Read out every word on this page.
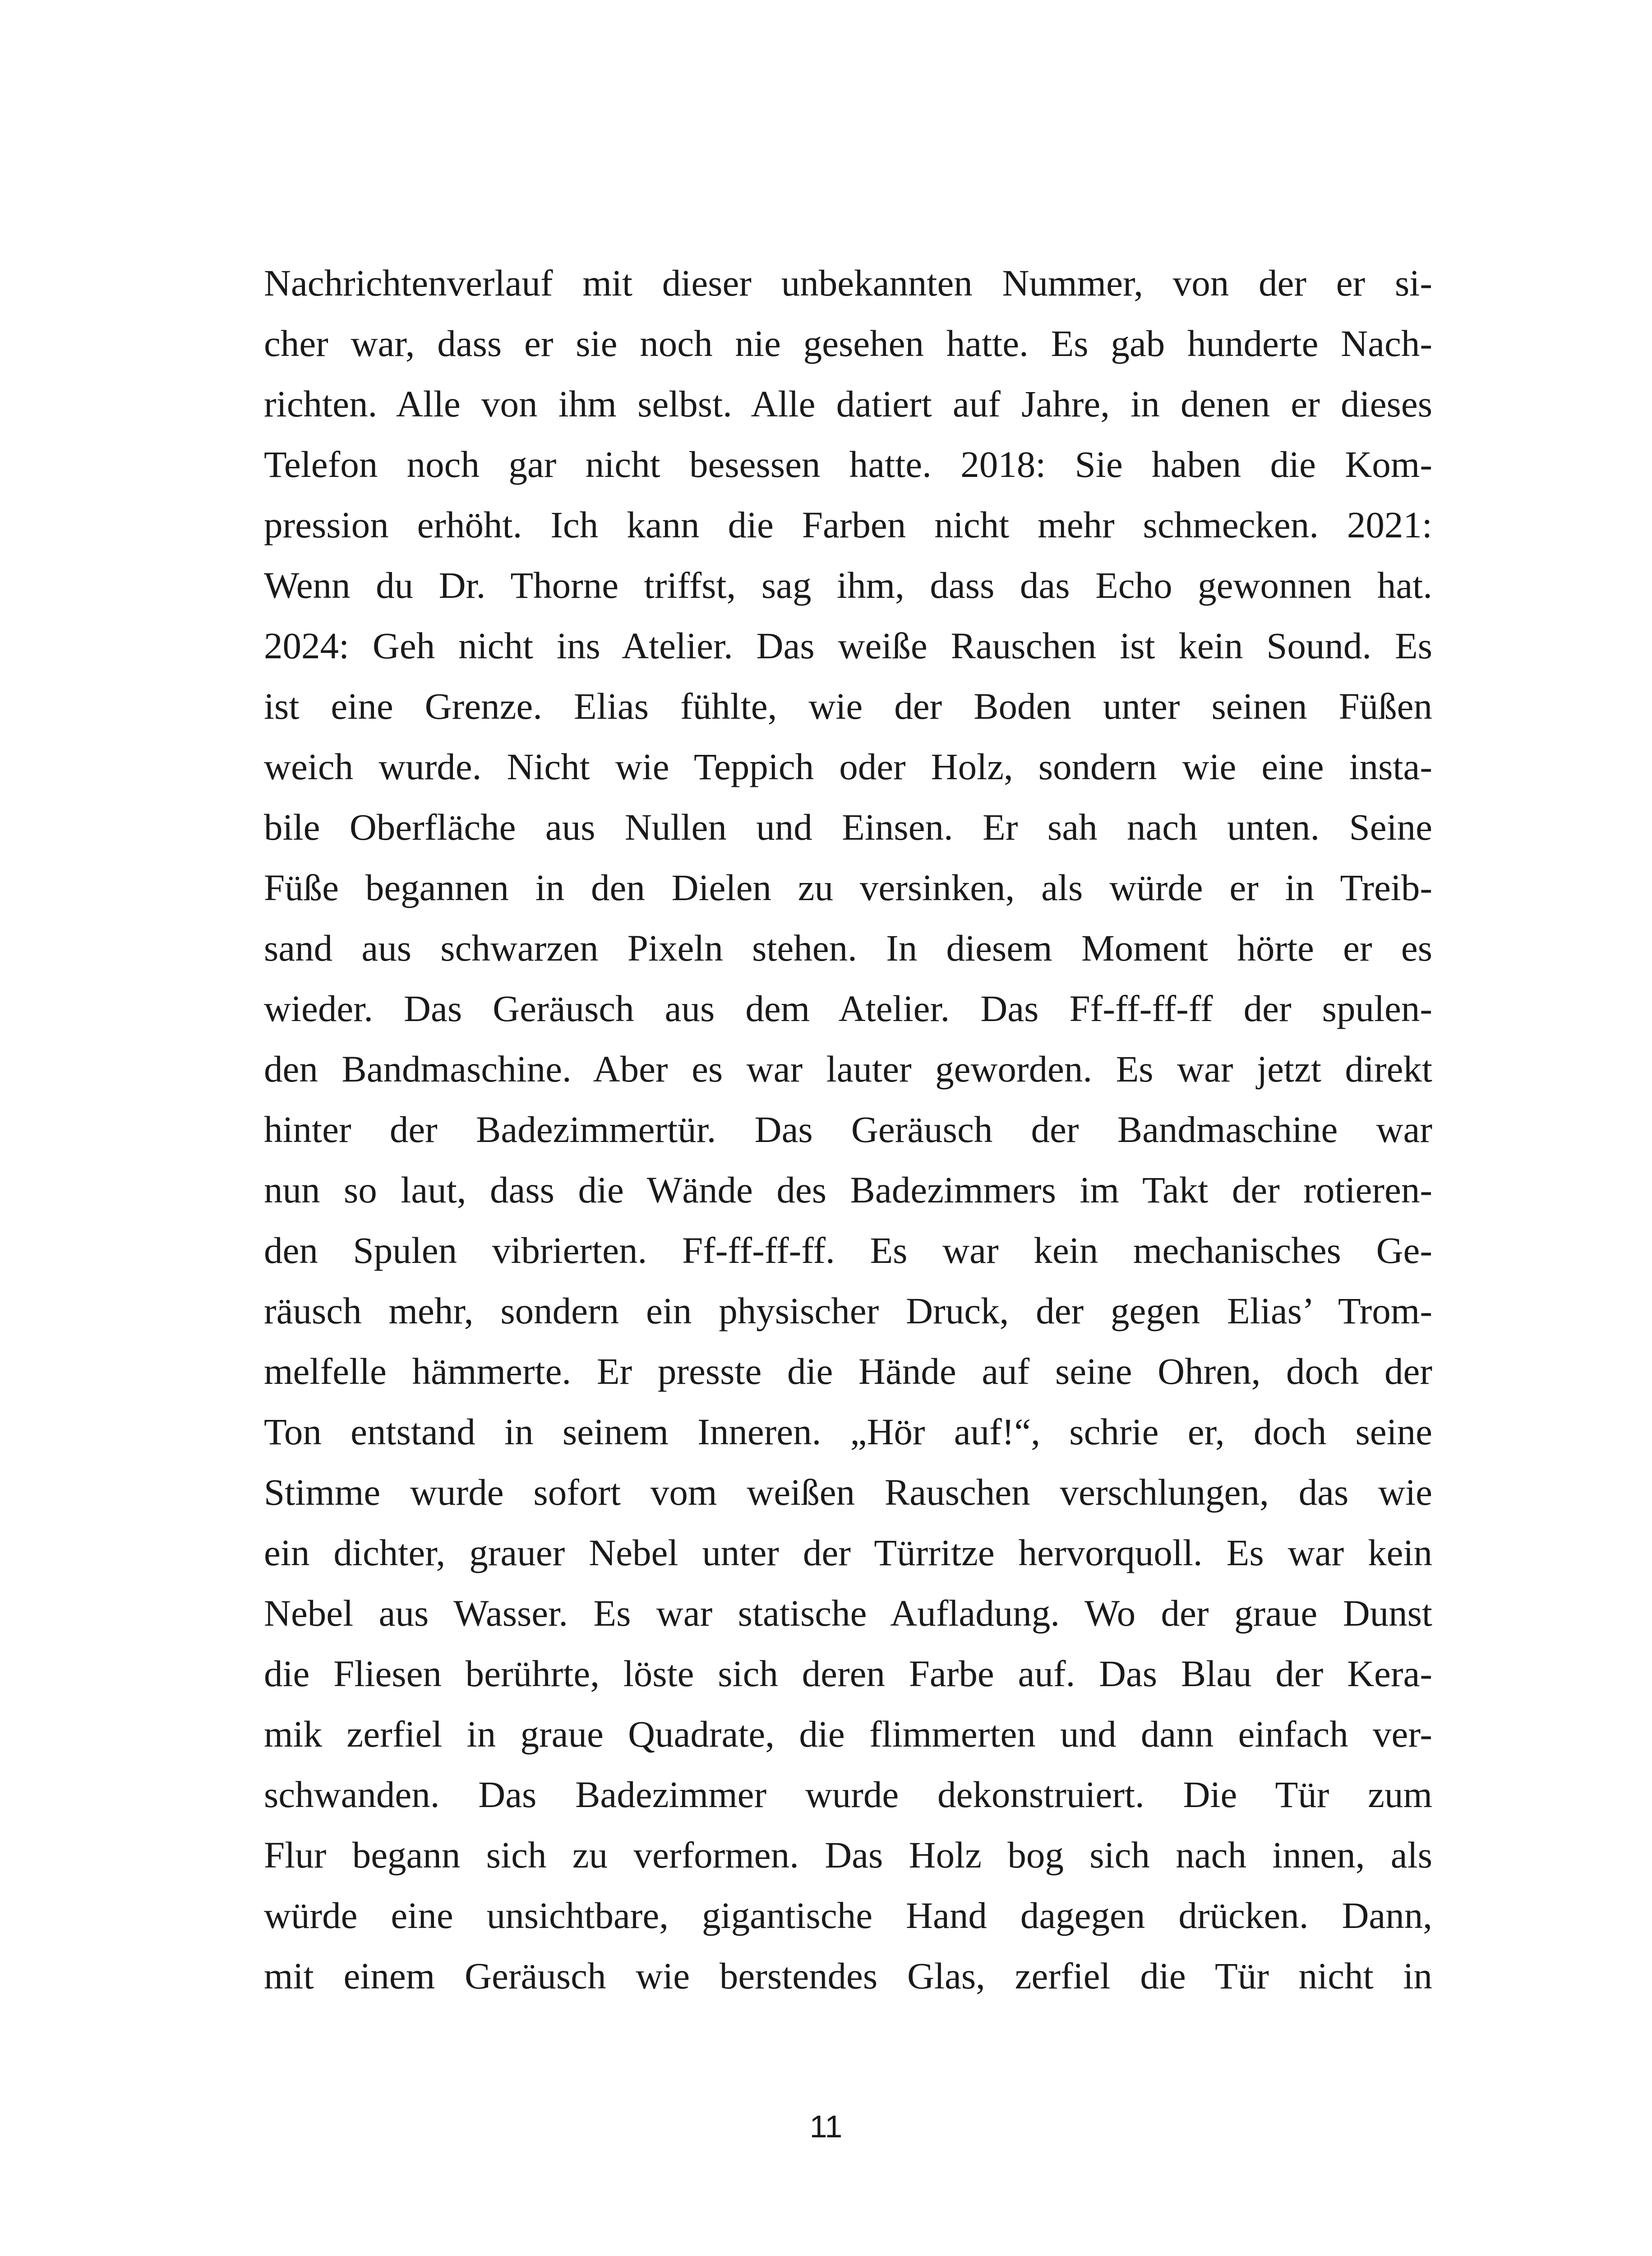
Nachrichtenverlauf mit dieser unbekannten Nummer, von der er si-
cher war, dass er sie noch nie gesehen hatte. Es gab hunderte Nach-
richten. Alle von ihm selbst. Alle datiert auf Jahre, in denen er dieses
Telefon noch gar nicht besessen hatte. 2018: Sie haben die Kom-
pression erhöht. Ich kann die Farben nicht mehr schmecken. 2021:
Wenn du Dr. Thorne triffst, sag ihm, dass das Echo gewonnen hat.
2024: Geh nicht ins Atelier. Das weiße Rauschen ist kein Sound. Es
ist eine Grenze. Elias fühlte, wie der Boden unter seinen Füßen
weich wurde. Nicht wie Teppich oder Holz, sondern wie eine insta-
bile Oberfläche aus Nullen und Einsen. Er sah nach unten. Seine
Füße begannen in den Dielen zu versinken, als würde er in Treib-
sand aus schwarzen Pixeln stehen. In diesem Moment hörte er es
wieder. Das Geräusch aus dem Atelier. Das Ff-ff-ff-ff der spulen-
den Bandmaschine. Aber es war lauter geworden. Es war jetzt direkt
hinter der Badezimmertür. Das Geräusch der Bandmaschine war
nun so laut, dass die Wände des Badezimmers im Takt der rotieren-
den Spulen vibrierten. Ff-ff-ff-ff. Es war kein mechanisches Ge-
räusch mehr, sondern ein physischer Druck, der gegen Elias’ Trom-
melfelle hämmerte. Er presste die Hände auf seine Ohren, doch der
Ton entstand in seinem Inneren. „Hör auf!“, schrie er, doch seine
Stimme wurde sofort vom weißen Rauschen verschlungen, das wie
ein dichter, grauer Nebel unter der Türritze hervorquoll. Es war kein
Nebel aus Wasser. Es war statische Aufladung. Wo der graue Dunst
die Fliesen berührte, löste sich deren Farbe auf. Das Blau der Kera-
mik zerfiel in graue Quadrate, die flimmerten und dann einfach ver-
schwanden. Das Badezimmer wurde dekonstruiert. Die Tür zum
Flur begann sich zu verformen. Das Holz bog sich nach innen, als
würde eine unsichtbare, gigantische Hand dagegen drücken. Dann,
mit einem Geräusch wie berstendes Glas, zerfiel die Tür nicht in
11
